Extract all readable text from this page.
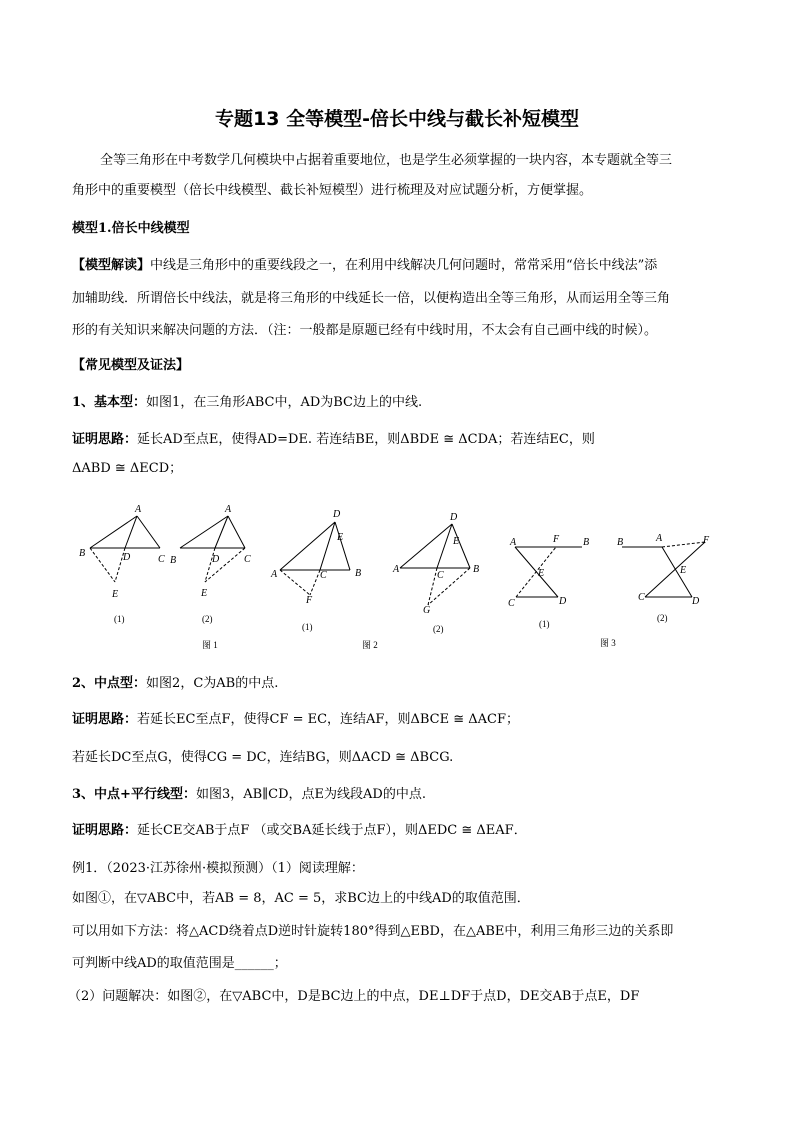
专题13 全等模型-倍长中线与截长补短模型
全等三角形在中考数学几何模块中占据着重要地位，也是学生必须掌握的一块内容，本专题就全等三
角形中的重要模型（倍长中线模型、截长补短模型）进行梳理及对应试题分析，方便掌握。
模型1.倍长中线模型
【模型解读】中线是三角形中的重要线段之一，在利用中线解决几何问题时，常常采用“倍长中线法”添
加辅助线．所谓倍长中线法，就是将三角形的中线延长一倍，以便构造出全等三角形，从而运用全等三角
形的有关知识来解决问题的方法．（注：一般都是原题已经有中线时用，不太会有自己画中线的时候）。
【常见模型及证法】
1、基本型：如图1，在三角形ABC中，AD为BC边上的中线.
证明思路：延长AD至点E，使得AD=DE. 若连结BE，则ΔBDE ≅ ΔCDA；若连结EC，则
ΔABD ≅ ΔECD；
A
B	D	C
E
A
B	D C
E
D
E
C
A	B
F
D
E
C
A	B
G
A	F B
E
C	D
B	A	F
E
C	D
(1)	(2)
(1)	(2)	(1)
(2)
图 1	图 2	图 3
2、中点型：如图2，C为AB的中点.
证明思路：若延长EC至点F，使得CF = EC，连结AF，则ΔBCE ≅ ΔACF；
若延长DC至点G，使得CG = DC，连结BG，则ΔACD ≅ ΔBCG.
3、中点+平行线型：如图3，AB∥CD，点E为线段AD的中点.
证明思路：延长CE交AB于点F （或交BA延长线于点F），则ΔEDC ≅ ΔEAF．
例1．（2023·江苏徐州·模拟预测）（1）阅读理解：
如图①，在▽ABC中，若AB = 8，AC = 5，求BC边上的中线AD的取值范围．
可以用如下方法：将△ACD绕着点D逆时针旋转180°得到△EBD，在△ABE中，利用三角形三边的关系即
可判断中线AD的取值范围是______；
（2）问题解决：如图②，在▽ABC中，D是BC边上的中点，DE⊥DF于点D，DE交AB于点E，DF
